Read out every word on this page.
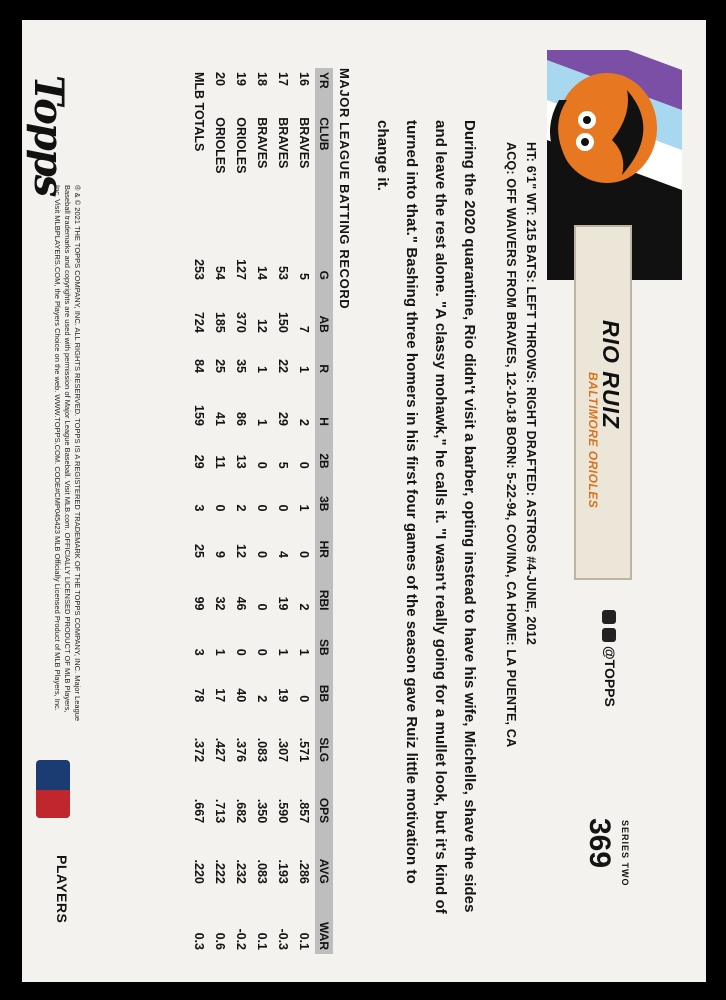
RIO RUIZ
BALTIMORE ORIOLES
@TOPPS
SERIES TWO
369
HT: 6'1" WT: 215 BATS: LEFT THROWS: RIGHT DRAFTED: ASTROS #4-JUNE, 2012
ACQ: OFF WAIVERS FROM BRAVES, 12-10-18 BORN: 5-22-94, COVINA, CA HOME: LA PUENTE, CA
During the 2020 quarantine, Rio didn't visit a barber, opting instead to have his wife, Michelle, shave the sides and leave the rest alone. "A classy mohawk," he calls it. "I wasn't really going for a mullet look, but it's kind of turned into that." Bashing three homers in his first four games of the season gave Ruiz little motivation to change it.
MAJOR LEAGUE BATTING RECORD
YR	CLUB	G	AB	R	H	2B	3B	HR	RBI	SB	BB	SLG	OPS	AVG	WAR
16	BRAVES	5	7	1	2	0	1	0	2	1	0	.571	.857	.286	0.1
17	BRAVES	53	150	22	29	5	0	4	19	1	19	.307	.590	.193	-0.3
18	BRAVES	14	12	1	1	0	0	0	0	0	2	.083	.350	.083	0.1
19	ORIOLES	127	370	35	86	13	2	12	46	0	40	.376	.682	.232	-0.2
20	ORIOLES	54	185	25	41	11	0	9	32	1	17	.427	.713	.222	0.6
MLB TOTALS		253	724	84	159	29	3	25	99	3	78	.372	.667	.220	0.3
Topps
® & © 2021 THE TOPPS COMPANY, INC. ALL RIGHTS RESERVED. TOPPS IS A REGISTERED TRADEMARK OF THE TOPPS COMPANY, INC. Major League Baseball trademarks and copyrights are used with permission of Major League Baseball. Visit MLB.com. OFFICIALLY LICENSED PRODUCT OF MLB Players, Inc. Visit MLBPLAYERS.COM, the Players Choice on the web. WWW.TOPPS.COM. CODE#CMP045423 MLB Officially Licensed Product of MLB Players, Inc.
PLAYERS
